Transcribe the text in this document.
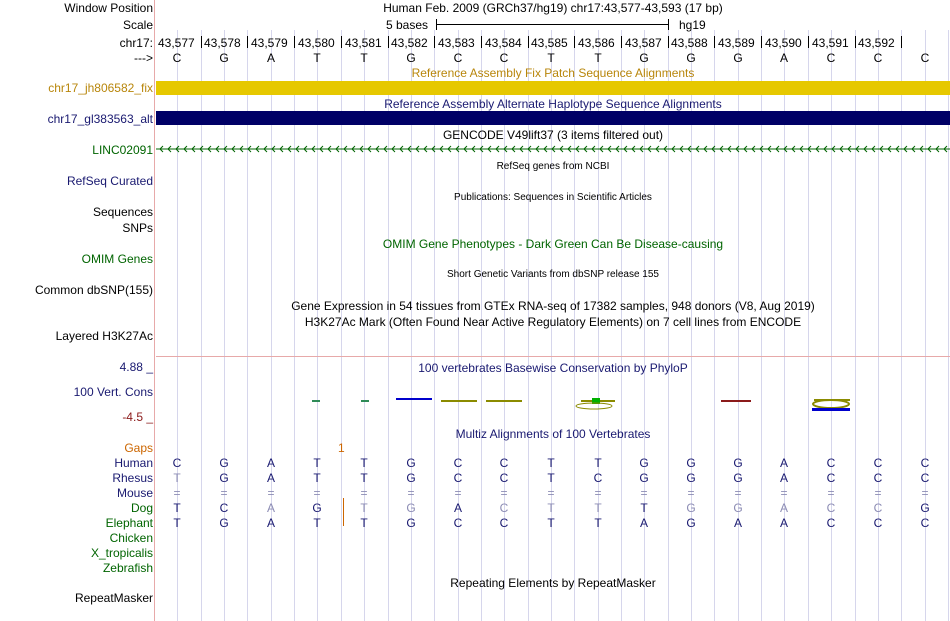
Window Position	Human Feb. 2009 (GRCh37/hg19) chr17:43,577-43,593 (17 bp)
Scale	5 bases	hg19
chr17: 43,577 43,578 43,579 43,580 43,581 43,582 43,583 43,584 43,585 43,586 43,587 43,588 43,589 43,590 43,591 43,592
--->	C	G	A	T	T	G	C	C	T	T	G	G	G	A	C	C	C
Reference Assembly Fix Patch Sequence Alignments
chr17_jh806582_fix
Reference Assembly Alternate Haplotype Sequence Alignments
chr17_gl383563_alt
GENCODE V49lift37 (3 items filtered out)
LINC02091
RefSeq genes from NCBI
RefSeq Curated
Publications: Sequences in Scientific Articles
Sequences
SNPs
OMIM Gene Phenotypes - Dark Green Can Be Disease-causing
OMIM Genes
Short Genetic Variants from dbSNP release 155
Common dbSNP(155)
Gene Expression in 54 tissues from GTEx RNA-seq of 17382 samples, 948 donors (V8, Aug 2019)
H3K27Ac Mark (Often Found Near Active Regulatory Elements) on 7 cell lines from ENCODE
Layered H3K27Ac
100 vertebrates Basewise Conservation by PhyloP
4.88 _
100 Vert. Cons
-4.5 _
Multiz Alignments of 100 Vertebrates
Gaps	1
Human	C	G	A	T	T	G	C	C	T	T	G	G	G	A	C	C	C
Rhesus	T	G	A	T	T	G	C	C	T	C	G	G	G	A	C	C	C
Mouse	=	=	=	=	=	=	=	=	=	=	=	=	=	=	=	=	=
Dog	T	C	A	G	T	G	A	C	T	T	T	G	G	A	C	C	G
Elephant	T	G	A	T	T	G	C	C	T	T	A	G	A	A	C	C	C
Chicken
X_tropicalis
Zebrafish
Repeating Elements by RepeatMasker
RepeatMasker
